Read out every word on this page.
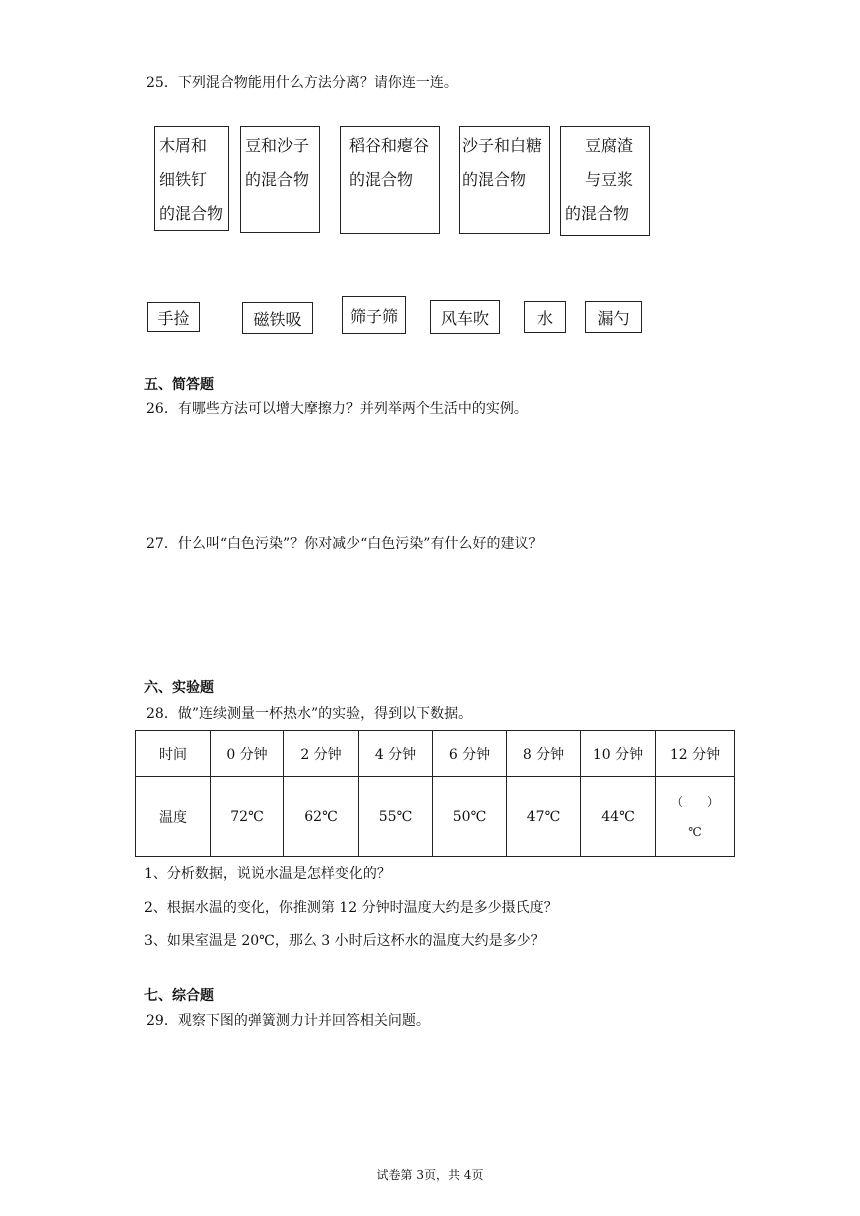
25．下列混合物能用什么方法分离？请你连一连。
木屑和
细铁钉
的混合物
豆和沙子
的混合物
稻谷和瘪谷
的混合物
沙子和白糖
的混合物
豆腐渣
与豆浆
的混合物
手捡	磁铁吸	筛子筛	风车吹	水	漏勺
五、简答题
26．有哪些方法可以增大摩擦力？并列举两个生活中的实例。
27．什么叫“白色污染”？你对减少“白色污染”有什么好的建议？
六、实验题
28．做”连续测量一杯热水”的实验，得到以下数据。
时间	0 分钟	2 分钟	4 分钟	6 分钟	8 分钟	10 分钟	12 分钟
温度	72℃	62℃	55℃	50℃	47℃	44℃	（　　）
℃
1、分析数据，说说水温是怎样变化的？
2、根据水温的变化，你推测第 12 分钟时温度大约是多少摄氏度？
3、如果室温是 20℃，那么 3 小时后这杯水的温度大约是多少？
七、综合题
29．观察下图的弹簧测力计并回答相关问题。
试卷第 3页，共 4页
